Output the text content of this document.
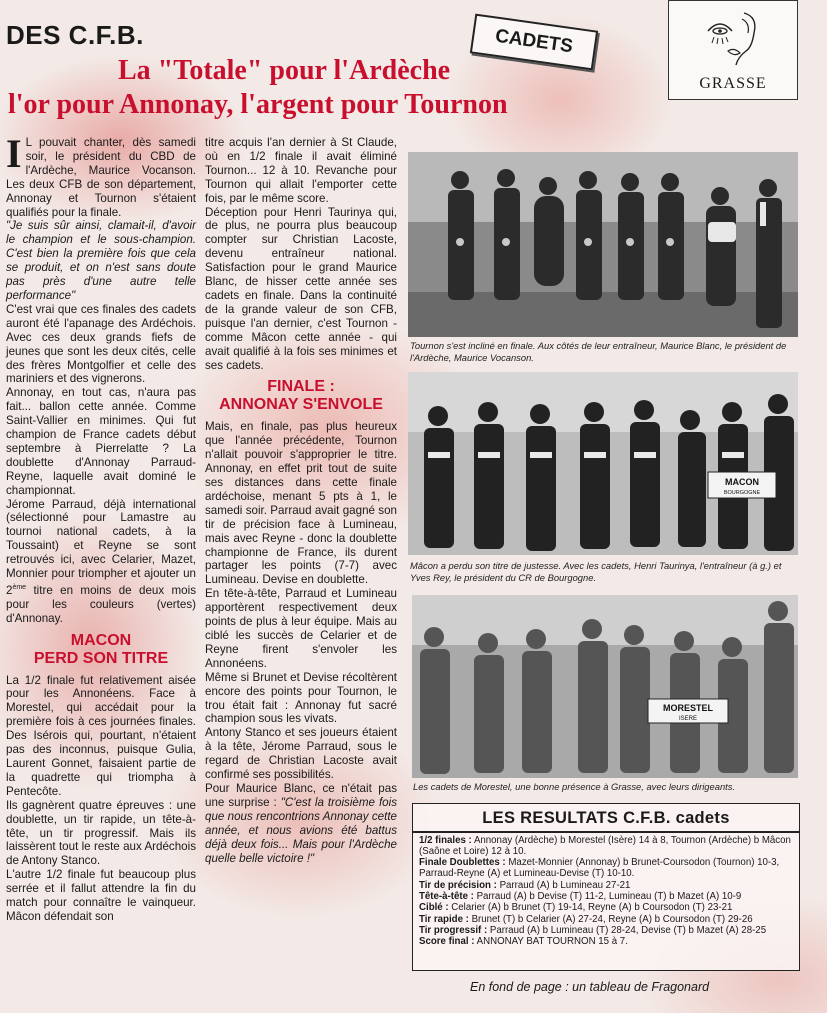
DES C.F.B.	CADETS
GRASSE
La "Totale" pour l'Ardèche
l'or pour Annonay, l'argent pour Tournon

I L pouvait chanter, dès samedi soir, le président du CBD de l'Ardèche, Maurice Vocanson. Les deux CFB de son département, Annonay et Tournon s'étaient qualifiés pour la finale.

"Je suis sûr ainsi, clamait-il, d'avoir le champion et le sous-champion. C'est bien la première fois que cela se produit, et on n'est sans doute pas près d'une autre telle performance"

C'est vrai que ces finales des cadets auront été l'apanage des Ardéchois. Avec ces deux grands fiefs de jeunes que sont les deux cités, celle des frères Montgolfier et celle des mariniers et des vignerons.

Annonay, en tout cas, n'aura pas fait... ballon cette année. Comme Saint-Vallier en minimes. Qui fut champion de France cadets début septembre à Pierrelatte ? La doublette d'Annonay Parraud-Reyne, laquelle avait dominé le championnat.

Jérome Parraud, déjà international (sélectionné pour Lamastre au tournoi national cadets, à la Toussaint) et Reyne se sont retrouvés ici, avec Celarier, Mazet, Monnier pour triompher et ajouter un 2ème titre en moins de deux mois pour les couleurs (vertes) d'Annonay.

MACON
PERD SON TITRE

La 1/2 finale fut relativement aisée pour les Annonéens. Face à Morestel, qui accédait pour la première fois à ces journées finales. Des Isérois qui, pourtant, n'étaient pas des inconnus, puisque Gulia, Laurent Gonnet, faisaient partie de la quadrette qui triompha à Pentecôte.

Ils gagnèrent quatre épreuves : une doublette, un tir rapide, un tête-à-tête, un tir progressif. Mais ils laissèrent tout le reste aux Ardéchois de Antony Stanco.

L'autre 1/2 finale fut beaucoup plus serrée et il fallut attendre la fin du match pour connaître le vainqueur. Mâcon défendait son

titre acquis l'an dernier à St Claude, où en 1/2 finale il avait éliminé Tournon... 12 à 10. Revanche pour Tournon qui allait l'emporter cette fois, par le même score.

Déception pour Henri Taurinya qui, de plus, ne pourra plus beaucoup compter sur Christian Lacoste, devenu entraîneur national. Satisfaction pour le grand Maurice Blanc, de hisser cette année ses cadets en finale. Dans la continuité de la grande valeur de son CFB, puisque l'an dernier, c'est Tournon - comme Mâcon cette année - qui avait qualifié à la fois ses minimes et ses cadets.

FINALE :
ANNONAY S'ENVOLE

Mais, en finale, pas plus heureux que l'année précédente, Tournon n'allait pouvoir s'approprier le titre. Annonay, en effet prit tout de suite ses distances dans cette finale ardéchoise, menant 5 pts à 1, le samedi soir. Parraud avait gagné son tir de précision face à Lumineau, mais avec Reyne - donc la doublette championne de France, ils durent partager les points (7-7) avec Lumineau. Devise en doublette.

En tête-à-tête, Parraud et Lumineau apportèrent respectivement deux points de plus à leur équipe. Mais au ciblé les succès de Celarier et de Reyne firent s'envoler les Annonéens.

Même si Brunet et Devise récoltèrent encore des points pour Tournon, le trou était fait : Annonay fut sacré champion sous les vivats.

Antony Stanco et ses joueurs étaient à la tête, Jérome Parraud, sous le regard de Christian Lacoste avait confirmé ses possibilités.

Pour Maurice Blanc, ce n'était pas une surprise : "C'est la troisième fois que nous rencontrions Annonay cette année, et nous avions été battus déjà deux fois... Mais pour l'Ardèche quelle belle victoire !"

Tournon s'est incliné en finale. Aux côtés de leur entraîneur, Maurice Blanc, le président de l'Ardèche, Maurice Vocanson.
MACON
BOURGOGNE
Mâcon a perdu son titre de justesse. Avec les cadets, Henri Taurinya, l'entraîneur (à g.) et Yves Rey, le président du CR de Bourgogne.
MORESTEL
ISERE
Les cadets de Morestel, une bonne présence à Grasse, avec leurs dirigeants.
LES RESULTATS C.F.B. cadets
1/2 finales : Annonay (Ardèche) b Morestel (Isère) 14 à 8, Tournon (Ardèche) b Mâcon (Saône et Loire) 12 à 10.
Finale Doublettes : Mazet-Monnier (Annonay) b Brunet-Coursodon (Tournon) 10-3, Parraud-Reyne (A) et Lumineau-Devise (T) 10-10.
Tir de précision : Parraud (A) b Lumineau 27-21
Tête-à-tête : Parraud (A) b Devise (T) 11-2, Lumineau (T) b Mazet (A) 10-9
Ciblé : Celarier (A) b Brunet (T) 19-14, Reyne (A) b Coursodon (T) 23-21
Tir rapide : Brunet (T) b Celarier (A) 27-24, Reyne (A) b Coursodon (T) 29-26
Tir progressif : Parraud (A) b Lumineau (T) 28-24, Devise (T) b Mazet (A) 28-25
Score final : ANNONAY BAT TOURNON 15 à 7.
En fond de page : un tableau de Fragonard
